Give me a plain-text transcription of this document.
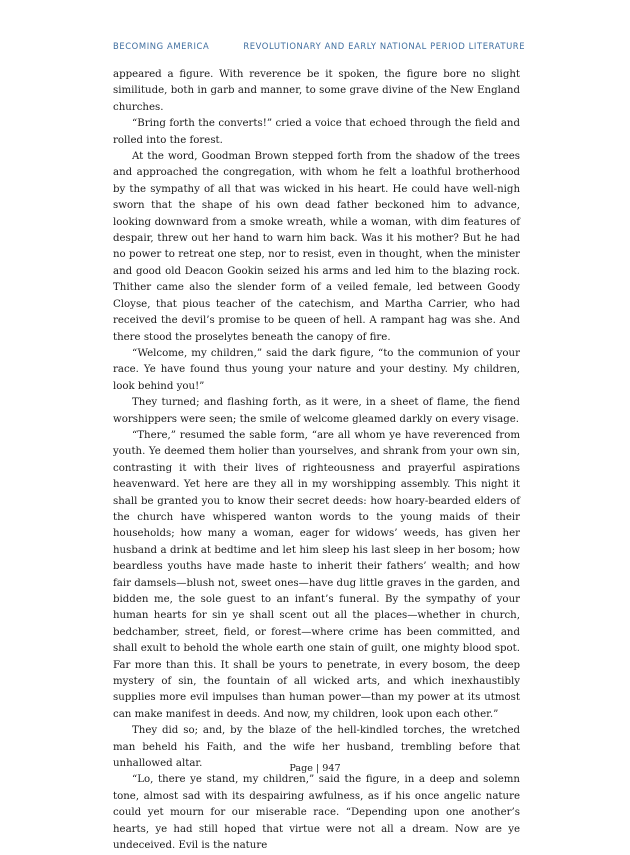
BECOMING AMERICA	REVOLUTIONARY AND EARLY NATIONAL PERIOD LITERATURE

appeared a figure. With reverence be it spoken, the figure bore no slight similitude, both in garb and manner, to some grave divine of the New England churches.

“Bring forth the converts!” cried a voice that echoed through the field and rolled into the forest.

At the word, Goodman Brown stepped forth from the shadow of the trees and approached the congregation, with whom he felt a loathful brotherhood by the sympathy of all that was wicked in his heart. He could have well-nigh sworn that the shape of his own dead father beckoned him to advance, looking downward from a smoke wreath, while a woman, with dim features of despair, threw out her hand to warn him back. Was it his mother? But he had no power to retreat one step, nor to resist, even in thought, when the minister and good old Deacon Gookin seized his arms and led him to the blazing rock. Thither came also the slender form of a veiled female, led between Goody Cloyse, that pious teacher of the catechism, and Martha Carrier, who had received the devil’s promise to be queen of hell. A rampant hag was she. And there stood the proselytes beneath the canopy of fire.

“Welcome, my children,” said the dark figure, “to the communion of your race. Ye have found thus young your nature and your destiny. My children, look behind you!”

They turned; and flashing forth, as it were, in a sheet of flame, the fiend worshippers were seen; the smile of welcome gleamed darkly on every visage.

“There,” resumed the sable form, “are all whom ye have reverenced from youth. Ye deemed them holier than yourselves, and shrank from your own sin, contrasting it with their lives of righteousness and prayerful aspirations heavenward. Yet here are they all in my worshipping assembly. This night it shall be granted you to know their secret deeds: how hoary-bearded elders of the church have whispered wanton words to the young maids of their households; how many a woman, eager for widows’ weeds, has given her husband a drink at bedtime and let him sleep his last sleep in her bosom; how beardless youths have made haste to inherit their fathers’ wealth; and how fair damsels—blush not, sweet ones—have dug little graves in the garden, and bidden me, the sole guest to an infant’s funeral. By the sympathy of your human hearts for sin ye shall scent out all the places—whether in church, bedchamber, street, field, or forest—where crime has been committed, and shall exult to behold the whole earth one stain of guilt, one mighty blood spot. Far more than this. It shall be yours to penetrate, in every bosom, the deep mystery of sin, the fountain of all wicked arts, and which inexhaustibly supplies more evil impulses than human power—than my power at its utmost can make manifest in deeds. And now, my children, look upon each other.”

They did so; and, by the blaze of the hell-kindled torches, the wretched man beheld his Faith, and the wife her husband, trembling before that unhallowed altar.

“Lo, there ye stand, my children,” said the figure, in a deep and solemn tone, almost sad with its despairing awfulness, as if his once angelic nature could yet mourn for our miserable race. “Depending upon one another’s hearts, ye had still hoped that virtue were not all a dream. Now are ye undeceived. Evil is the nature

Page | 947
